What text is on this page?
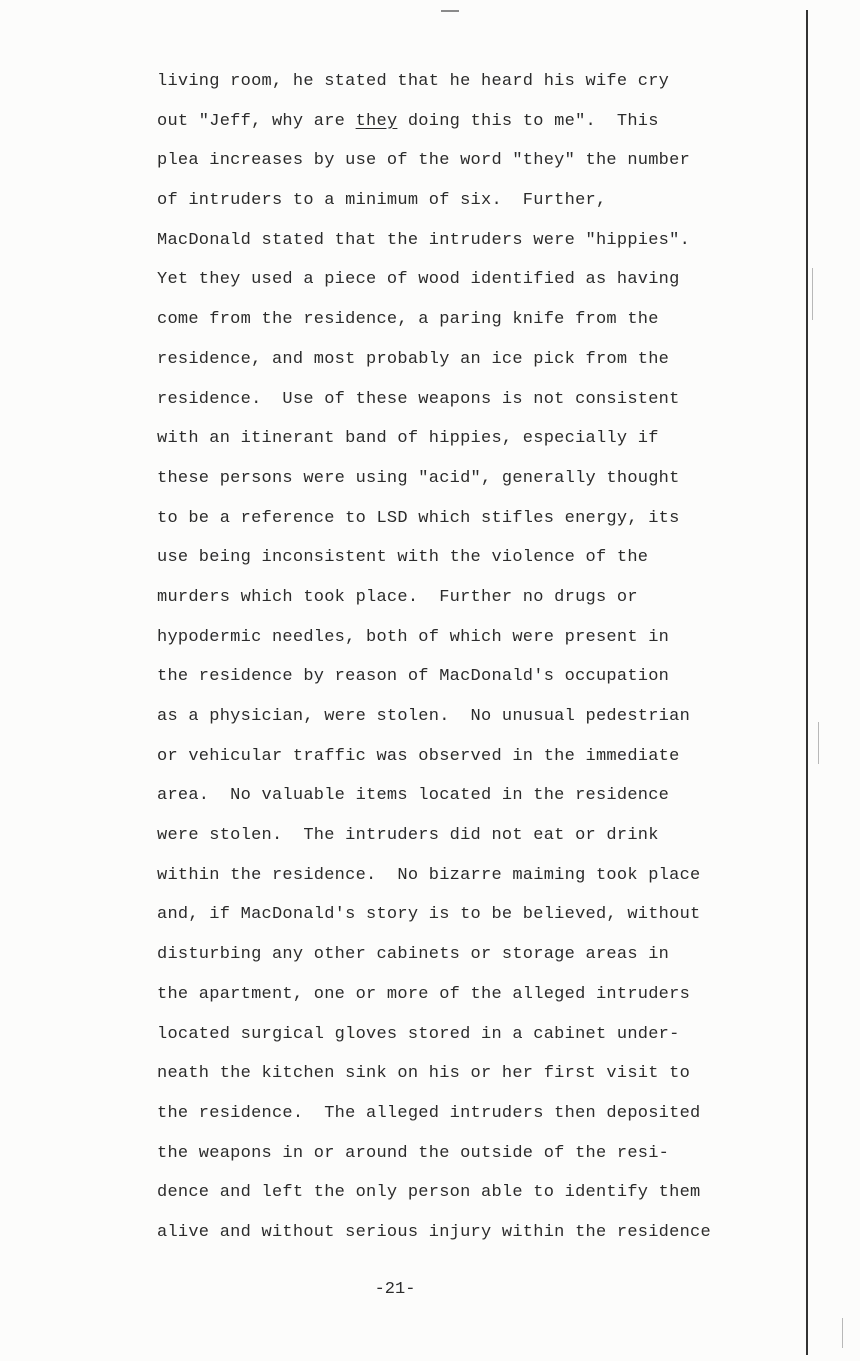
living room, he stated that he heard his wife cry
out "Jeff, why are they doing this to me".  This
plea increases by use of the word "they" the number
of intruders to a minimum of six.  Further,
MacDonald stated that the intruders were "hippies".
Yet they used a piece of wood identified as having
come from the residence, a paring knife from the
residence, and most probably an ice pick from the
residence.  Use of these weapons is not consistent
with an itinerant band of hippies, especially if
these persons were using "acid", generally thought
to be a reference to LSD which stifles energy, its
use being inconsistent with the violence of the
murders which took place.  Further no drugs or
hypodermic needles, both of which were present in
the residence by reason of MacDonald's occupation
as a physician, were stolen.  No unusual pedestrian
or vehicular traffic was observed in the immediate
area.  No valuable items located in the residence
were stolen.  The intruders did not eat or drink
within the residence.  No bizarre maiming took place
and, if MacDonald's story is to be believed, without
disturbing any other cabinets or storage areas in
the apartment, one or more of the alleged intruders
located surgical gloves stored in a cabinet under-
neath the kitchen sink on his or her first visit to
the residence.  The alleged intruders then deposited
the weapons in or around the outside of the resi-
dence and left the only person able to identify them
alive and without serious injury within the residence
-21-
